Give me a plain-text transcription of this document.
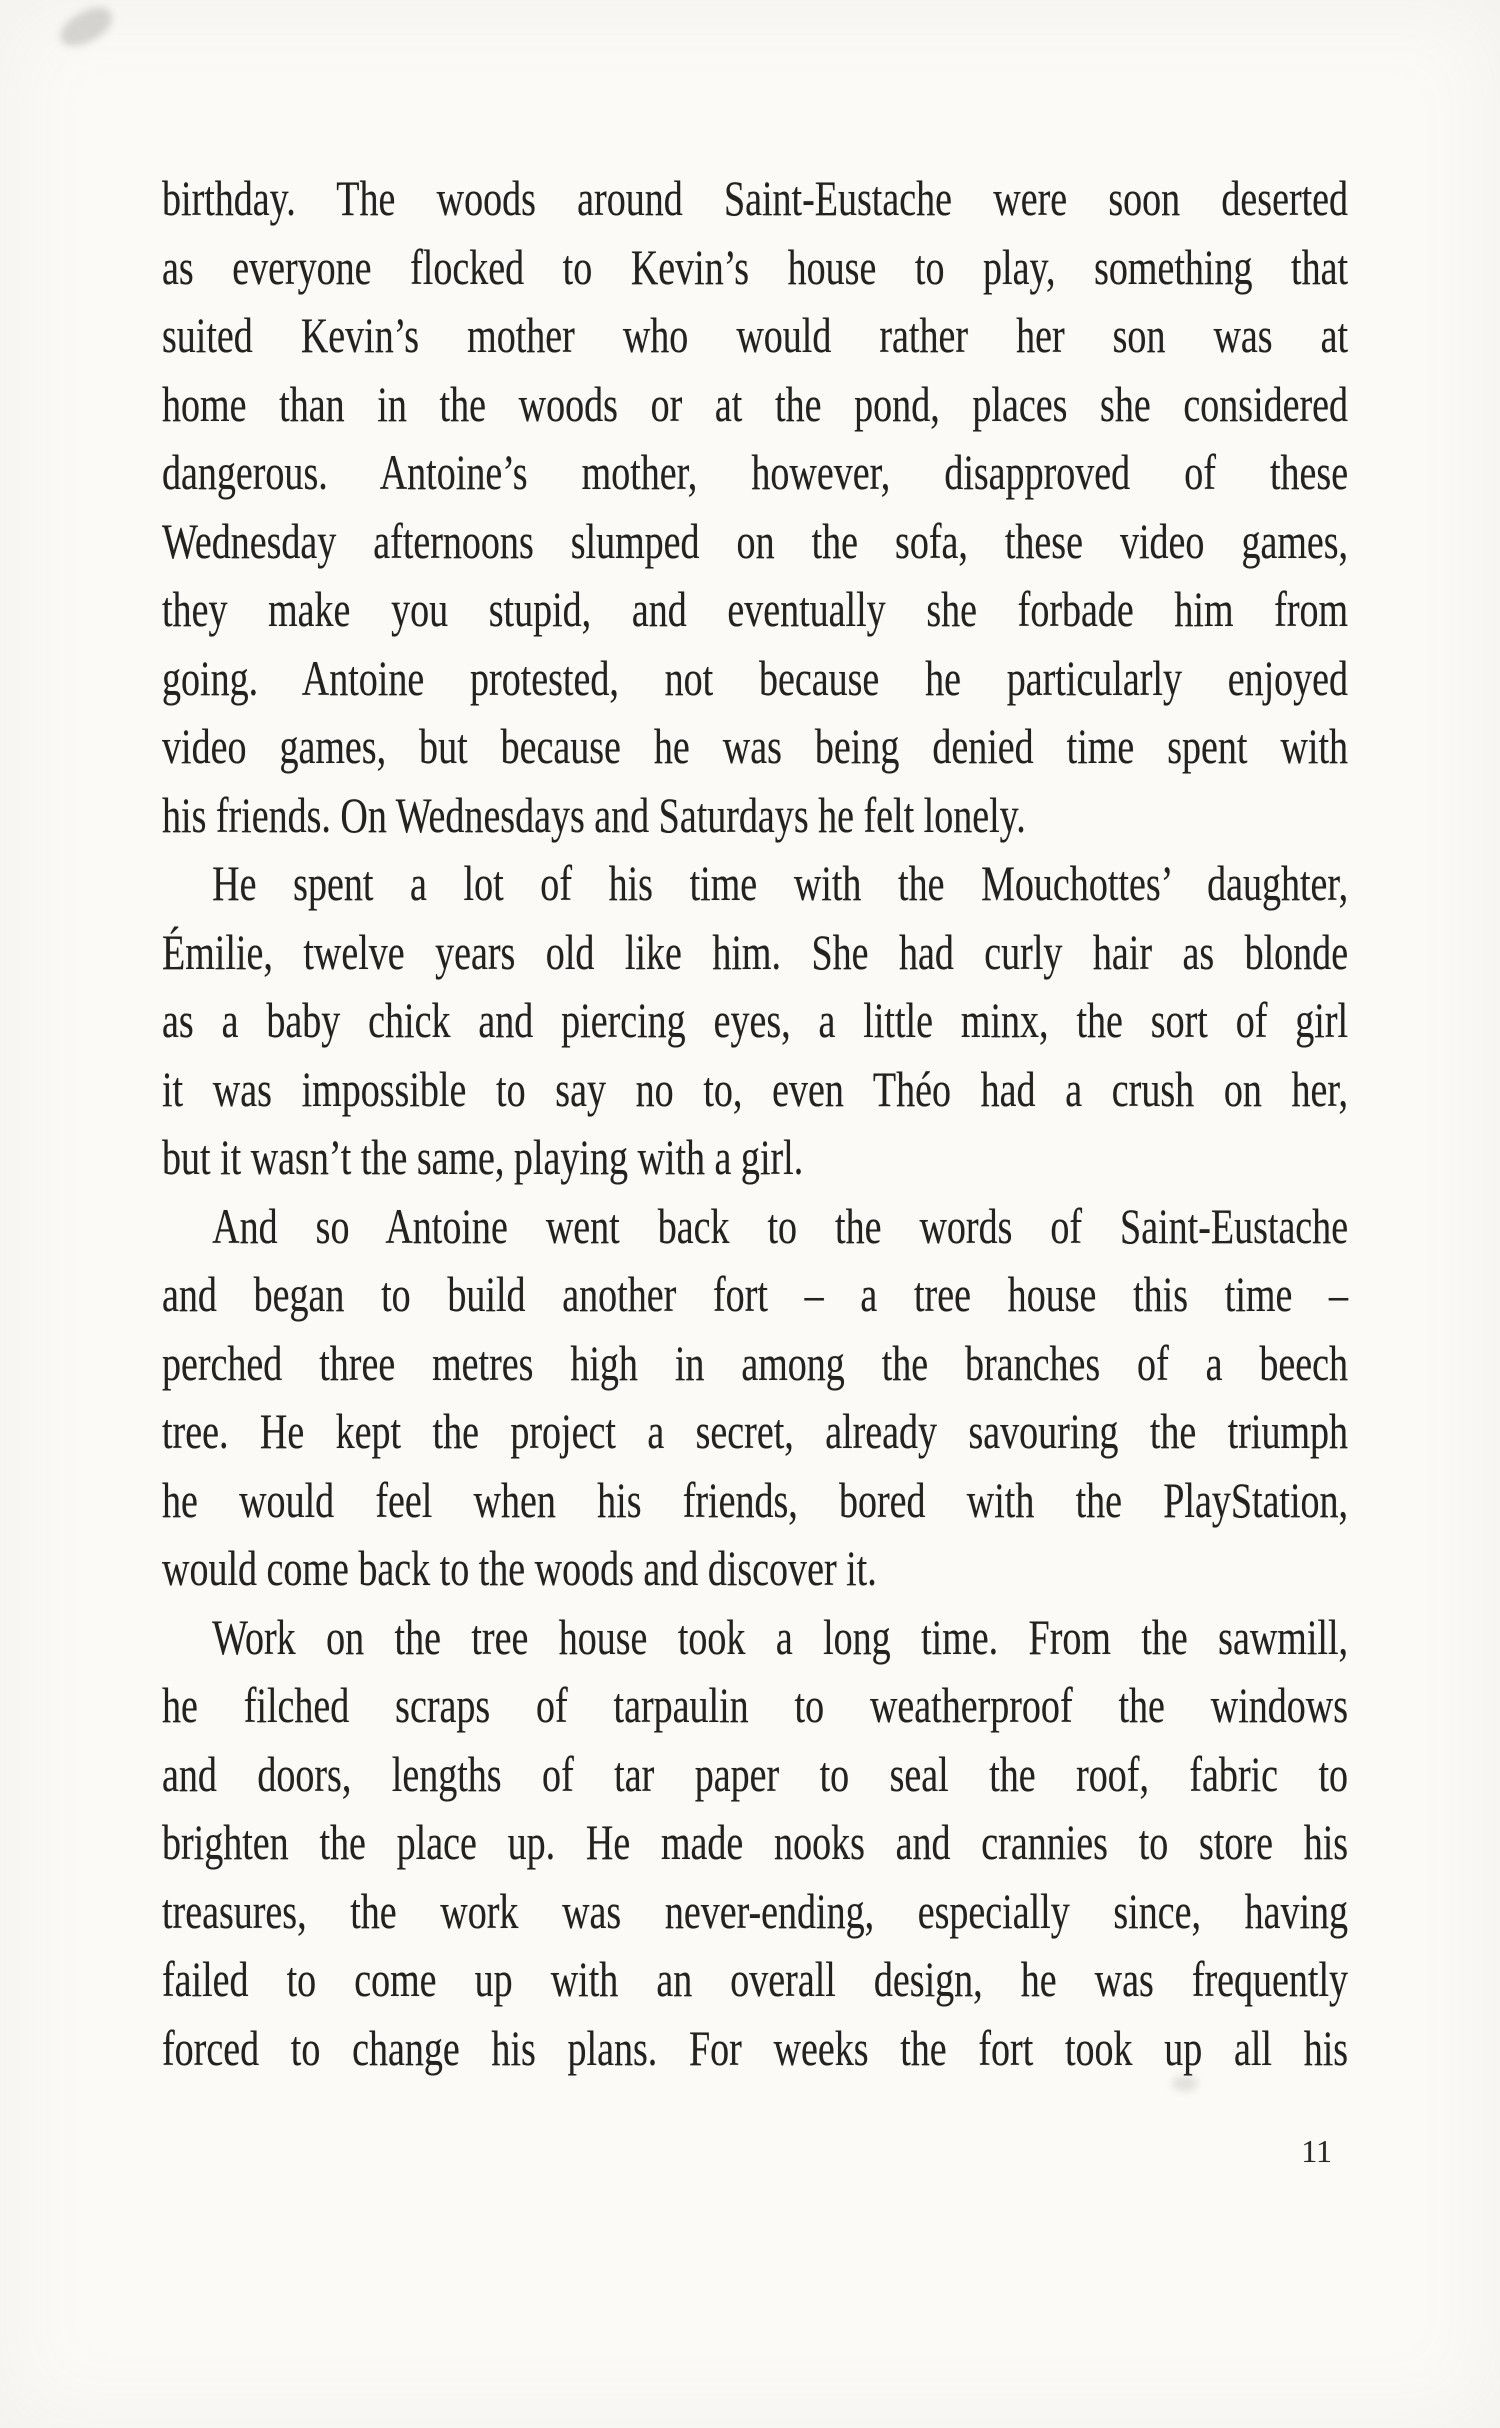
birthday. The woods around Saint-Eustache were soon deserted
as everyone flocked to Kevin’s house to play, something that
suited Kevin’s mother who would rather her son was at
home than in the woods or at the pond, places she considered
dangerous. Antoine’s mother, however, disapproved of these
Wednesday afternoons slumped on the sofa, these video games,
they make you stupid, and eventually she forbade him from
going. Antoine protested, not because he particularly enjoyed
video games, but because he was being denied time spent with
his friends. On Wednesdays and Saturdays he felt lonely.
He spent a lot of his time with the Mouchottes’ daughter,
Émilie, twelve years old like him. She had curly hair as blonde
as a baby chick and piercing eyes, a little minx, the sort of girl
it was impossible to say no to, even Théo had a crush on her,
but it wasn’t the same, playing with a girl.
And so Antoine went back to the words of Saint-Eustache
and began to build another fort – a tree house this time –
perched three metres high in among the branches of a beech
tree. He kept the project a secret, already savouring the triumph
he would feel when his friends, bored with the PlayStation,
would come back to the woods and discover it.
Work on the tree house took a long time. From the sawmill,
he filched scraps of tarpaulin to weatherproof the windows
and doors, lengths of tar paper to seal the roof, fabric to
brighten the place up. He made nooks and crannies to store his
treasures, the work was never-ending, especially since, having
failed to come up with an overall design, he was frequently
forced to change his plans. For weeks the fort took up all his
11
